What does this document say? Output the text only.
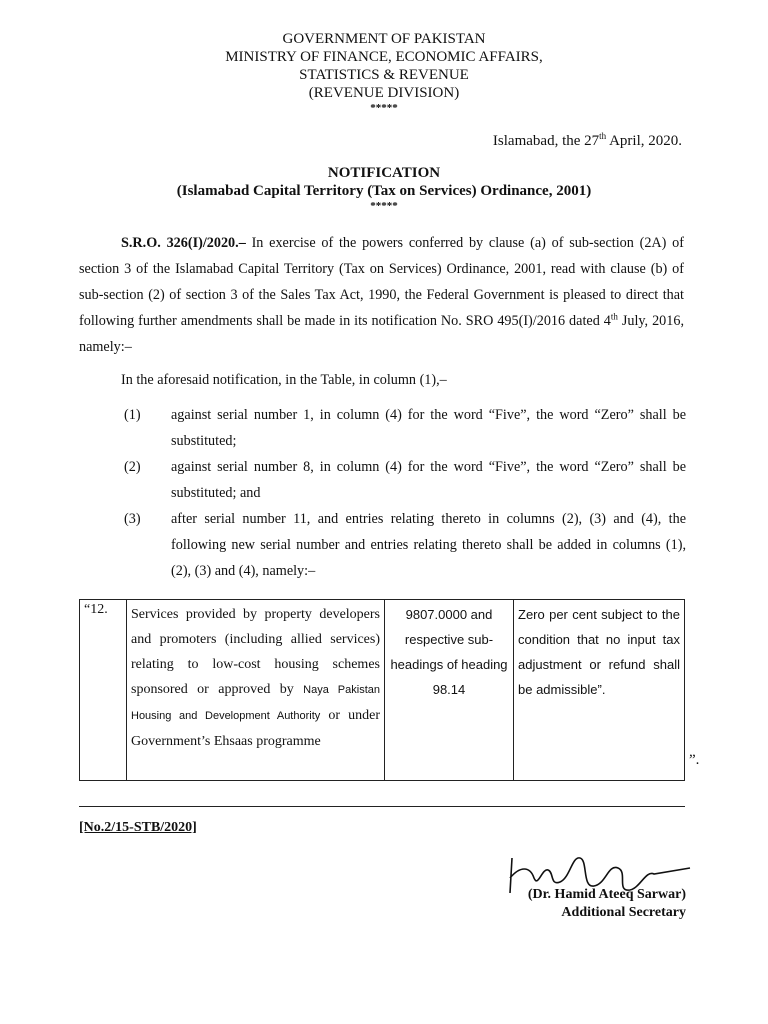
GOVERNMENT OF PAKISTAN
MINISTRY OF FINANCE, ECONOMIC AFFAIRS,
STATISTICS & REVENUE
(REVENUE DIVISION)
*****
Islamabad, the 27th April, 2020.
NOTIFICATION
(Islamabad Capital Territory (Tax on Services) Ordinance, 2001)
*****
S.R.O. 326(I)/2020.– In exercise of the powers conferred by clause (a) of sub-section (2A) of section 3 of the Islamabad Capital Territory (Tax on Services) Ordinance, 2001, read with clause (b) of sub-section (2) of section 3 of the Sales Tax Act, 1990, the Federal Government is pleased to direct that following further amendments shall be made in its notification No. SRO 495(I)/2016 dated 4th July, 2016, namely:–
In the aforesaid notification, in the Table, in column (1),–
(1) against serial number 1, in column (4) for the word “Five”, the word “Zero” shall be substituted;
(2) against serial number 8, in column (4) for the word “Five”, the word “Zero” shall be substituted; and
(3) after serial number 11, and entries relating thereto in columns (2), (3) and (4), the following new serial number and entries relating thereto shall be added in columns (1), (2), (3) and (4), namely:–
“12.	Services provided by property developers and promoters (including allied services) relating to low-cost housing schemes sponsored or approved by Naya Pakistan Housing and Development Authority or under Government’s Ehsaas programme	9807.0000 and respective sub-headings of heading 98.14	Zero per cent subject to the condition that no input tax adjustment or refund shall be admissible”.
”.
[No.2/15-STB/2020]
(Dr. Hamid Ateeq Sarwar)
Additional Secretary
